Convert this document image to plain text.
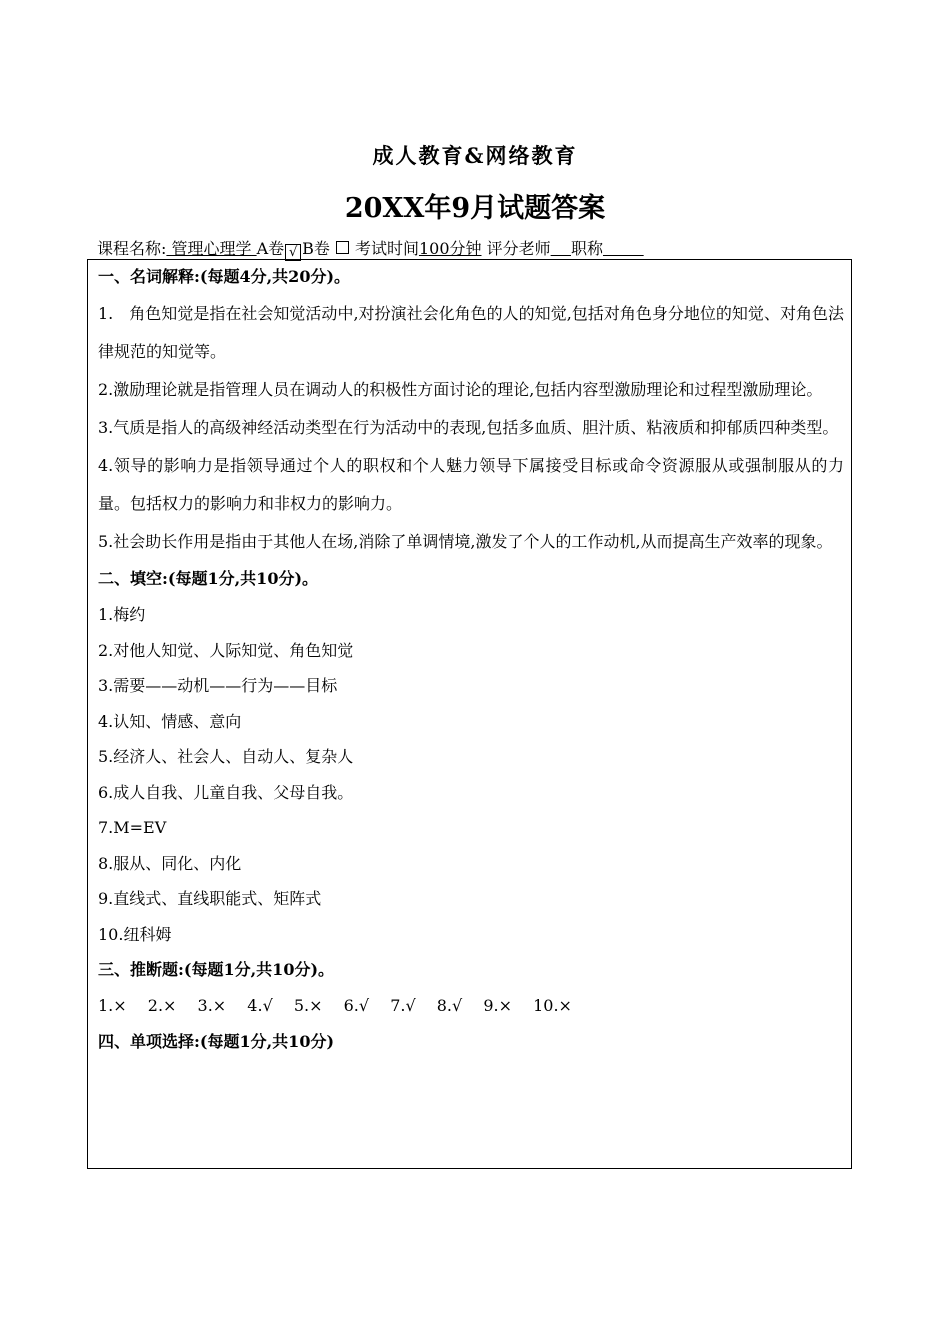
成人教育&网络教育
20XX年9月试题答案
课程名称: 管理心理学 A卷 √ B卷 考试时间100分钟 评分老师 职称
一、名词解释:(每题4分,共20分)。
1.　角色知觉是指在社会知觉活动中,对扮演社会化角色的人的知觉,包括对角色身分地位的知觉、对角色法律规范的知觉等。
2.激励理论就是指管理人员在调动人的积极性方面讨论的理论,包括内容型激励理论和过程型激励理论。
3.气质是指人的高级神经活动类型在行为活动中的表现,包括多血质、胆汁质、粘液质和抑郁质四种类型。
4.领导的影响力是指领导通过个人的职权和个人魅力领导下属接受目标或命令资源服从或强制服从的力量。包括权力的影响力和非权力的影响力。
5.社会助长作用是指由于其他人在场,消除了单调情境,激发了个人的工作动机,从而提高生产效率的现象。
二、填空:(每题1分,共10分)。
1.梅约
2.对他人知觉、人际知觉、角色知觉
3.需要——动机——行为——目标
4.认知、情感、意向
5.经济人、社会人、自动人、复杂人
6.成人自我、儿童自我、父母自我。
7.M=EV
8.服从、同化、内化
9.直线式、直线职能式、矩阵式
10.纽科姆
三、推断题:(每题1分,共10分)。
1.× 2.× 3.× 4.√ 5.× 6.√ 7.√ 8.√ 9.× 10.×
四、单项选择:(每题1分,共10分)
